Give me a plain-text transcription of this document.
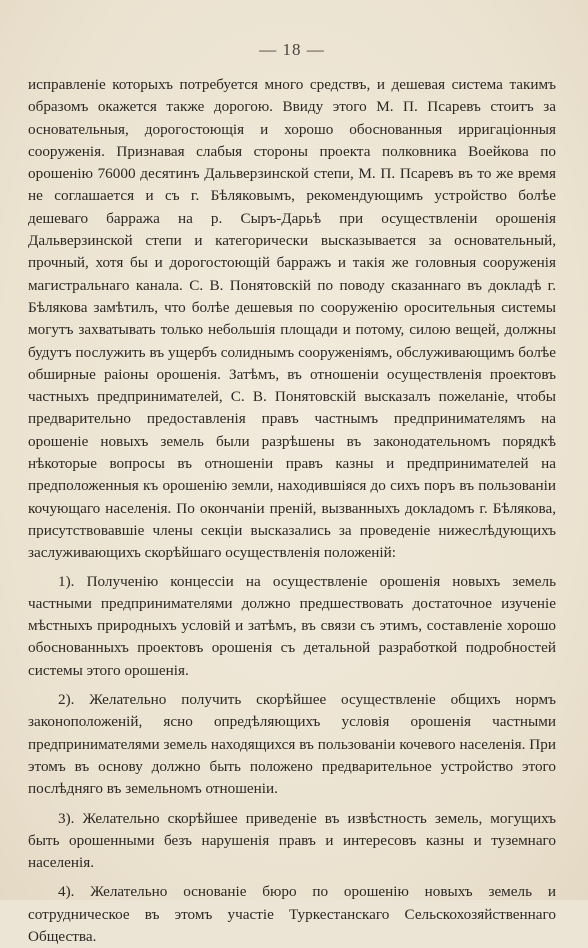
— 18 —

исправленіе которыхъ потребуется много средствъ, и дешевая система такимъ образомъ окажется также дорогою. Ввиду этого М. П. Псаревъ стоитъ за основательныя, дорогостоющія и хорошо обоснованныя ирригаціонныя сооруженія. Признавая слабыя стороны проекта полковника Воейкова по орошенію 76000 десятинъ Дальверзинской степи, М. П. Псаревъ въ то же время не соглашается и съ г. Бѣляковымъ, рекомендующимъ устройство болѣе дешеваго барража на р. Сыръ-Дарьѣ при осуществленіи орошенія Дальверзинской степи и категорически высказывается за основательный, прочный, хотя бы и дорогостоющій барражъ и такія же головныя сооруженія магистральнаго канала. С. В. Понятовскій по поводу сказаннаго въ докладѣ г. Бѣлякова замѣтилъ, что болѣе дешевыя по сооруженію оросительныя системы могутъ захватывать только небольшія площади и потому, силою вещей, должны будутъ послужить въ ущербъ солиднымъ сооруженіямъ, обслуживающимъ болѣе обширные раіоны орошенія. Затѣмъ, въ отношеніи осуществленія проектовъ частныхъ предпринимателей, С. В. Понятовскій высказалъ пожеланіе, чтобы предварительно предоставленія правъ частнымъ предпринимателямъ на орошеніе новыхъ земель были разрѣшены въ законодательномъ порядкѣ нѣкоторые вопросы въ отношеніи правъ казны и предпринимателей на предположенныя къ орошенію земли, находившіяся до сихъ поръ въ пользованіи кочующаго населенія. По окончаніи преній, вызванныхъ докладомъ г. Бѣлякова, присутствовавшіе члены секціи высказались за проведеніе нижеслѣдующихъ заслуживающихъ скорѣйшаго осуществленія положеній:

1). Полученію концессіи на осуществленіе орошенія новыхъ земель частными предпринимателями должно предшествовать достаточное изученіе мѣстныхъ природныхъ условій и затѣмъ, въ связи съ этимъ, составленіе хорошо обоснованныхъ проектовъ орошенія съ детальной разработкой подробностей системы этого орошенія.

2). Желательно получить скорѣйшее осуществленіе общихъ нормъ законоположеній, ясно опредѣляющихъ условія орошенія частными предпринимателями земель находящихся въ пользованіи кочевого населенія. При этомъ въ основу должно быть положено предварительное устройство этого послѣдняго въ земельномъ отношеніи.

3). Желательно скорѣйшее приведеніе въ извѣстность земель, могущихъ быть орошенными безъ нарушенія правъ и интересовъ казны и туземнаго населенія.

4). Желательно основаніе бюро по орошенію новыхъ земель и сотрудническое въ этомъ участіе Туркестанскаго Сельскохозяйственнаго Общества.
